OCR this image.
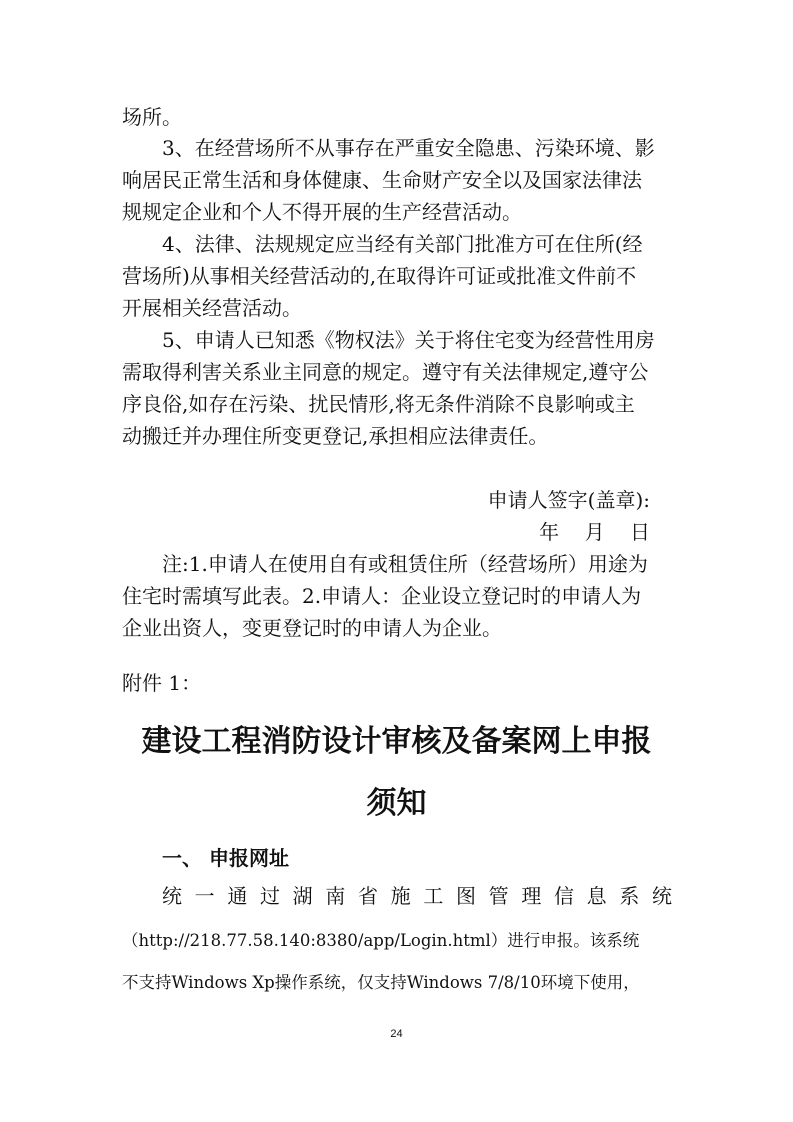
场所。
3、在经营场所不从事存在严重安全隐患、污染环境、影
响居民正常生活和身体健康、生命财产安全以及国家法律法
规规定企业和个人不得开展的生产经营活动。
4、法律、法规规定应当经有关部门批准方可在住所(经
营场所)从事相关经营活动的,在取得许可证或批准文件前不
开展相关经营活动。
5、申请人已知悉《物权法》关于将住宅变为经营性用房
需取得利害关系业主同意的规定。遵守有关法律规定,遵守公
序良俗,如存在污染、扰民情形,将无条件消除不良影响或主
动搬迁并办理住所变更登记,承担相应法律责任。
申请人签字(盖章):
年    月    日
注:1.申请人在使用自有或租赁住所（经营场所）用途为
住宅时需填写此表。2.申请人：企业设立登记时的申请人为
企业出资人，变更登记时的申请人为企业。
附件 1：
建设工程消防设计审核及备案网上申报
须知
一、 申报网址
统一通过湖南省施工图管理信息系统
（http://218.77.58.140:8380/app/Login.html）进行申报。该系统
不支持Windows Xp操作系统，仅支持Windows 7/8/10环境下使用，
24
